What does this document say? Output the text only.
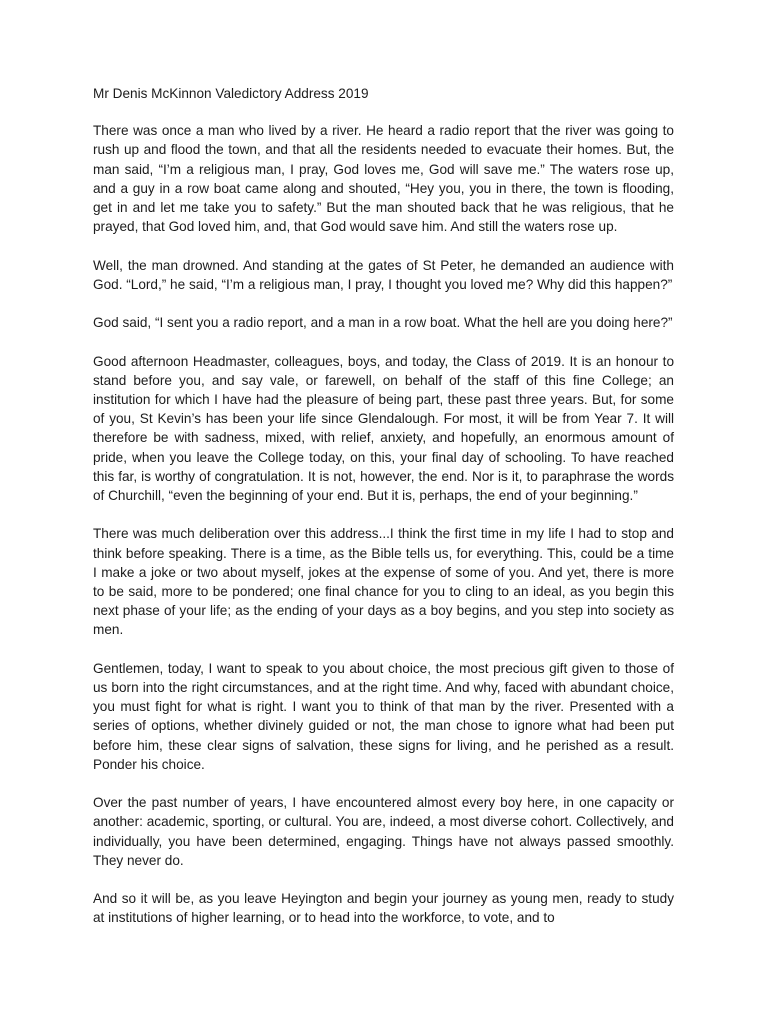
Mr Denis McKinnon Valedictory Address 2019

There was once a man who lived by a river. He heard a radio report that the river was going to rush up and flood the town, and that all the residents needed to evacuate their homes. But, the man said, “I’m a religious man, I pray, God loves me, God will save me.” The waters rose up, and a guy in a row boat came along and shouted, “Hey you, you in there, the town is flooding, get in and let me take you to safety.” But the man shouted back that he was religious, that he prayed, that God loved him, and, that God would save him. And still the waters rose up.

Well, the man drowned. And standing at the gates of St Peter, he demanded an audience with God. “Lord,” he said, “I’m a religious man, I pray, I thought you loved me? Why did this happen?”

God said, “I sent you a radio report, and a man in a row boat. What the hell are you doing here?”

Good afternoon Headmaster, colleagues, boys, and today, the Class of 2019. It is an honour to stand before you, and say vale, or farewell, on behalf of the staff of this fine College; an institution for which I have had the pleasure of being part, these past three years. But, for some of you, St Kevin’s has been your life since Glendalough. For most, it will be from Year 7. It will therefore be with sadness, mixed, with relief, anxiety, and hopefully, an enormous amount of pride, when you leave the College today, on this, your final day of schooling. To have reached this far, is worthy of congratulation. It is not, however, the end. Nor is it, to paraphrase the words of Churchill, “even the beginning of your end. But it is, perhaps, the end of your beginning.”

There was much deliberation over this address...I think the first time in my life I had to stop and think before speaking. There is a time, as the Bible tells us, for everything. This, could be a time I make a joke or two about myself, jokes at the expense of some of you. And yet, there is more to be said, more to be pondered; one final chance for you to cling to an ideal, as you begin this next phase of your life; as the ending of your days as a boy begins, and you step into society as men.

Gentlemen, today, I want to speak to you about choice, the most precious gift given to those of us born into the right circumstances, and at the right time. And why, faced with abundant choice, you must fight for what is right. I want you to think of that man by the river. Presented with a series of options, whether divinely guided or not, the man chose to ignore what had been put before him, these clear signs of salvation, these signs for living, and he perished as a result. Ponder his choice.

Over the past number of years, I have encountered almost every boy here, in one capacity or another: academic, sporting, or cultural. You are, indeed, a most diverse cohort. Collectively, and individually, you have been determined, engaging. Things have not always passed smoothly. They never do.

And so it will be, as you leave Heyington and begin your journey as young men, ready to study at institutions of higher learning, or to head into the workforce, to vote, and to
